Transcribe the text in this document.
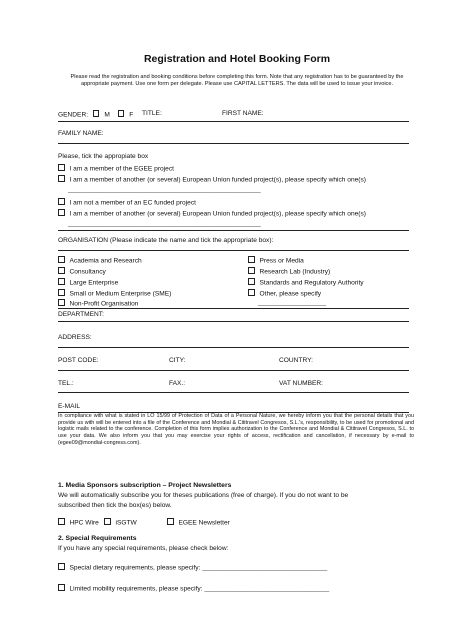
Registration and Hotel Booking Form
Please read the registration and booking conditions before completing this form. Note that any registration has to be guaranteed by the appropriate payment. Use one form per delegate. Please use CAPITAL LETTERS. The data will be used to issue your invoice.
GENDER: M	F TITLE:	FIRST NAME:
FAMILY NAME:
Please, tick the appropiate box
I am a member of the EGEE project
I am a member of another (or several) European Union funded project(s), please specify which one(s)
______________________________________________________
I am not a member of an EC funded project
I am a member of another (or several) European Union funded project(s), please specify which one(s)
______________________________________________________
ORGANISATION (Please indicate the name and tick the appropriate box):
Academia and Research
Consultancy
Large Enterprise
Small or Medium Enterprise (SME)
Non-Profit Organisation
Press or Media
Research Lab (Industry)
Standards and Regulatory Authority
Other, please specify
___________________
DEPARTMENT:
ADDRESS:
POST CODE:	CITY:	COUNTRY:
TEL.:	FAX.:	VAT NUMBER:
E-MAIL
In compliance with what is stated in LO 15/99 of Protection of Data of a Personal Nature, we hereby inform you that the personal details that you provide us with will be entered into a file of the Conference and Mondial & Cititravel Congresos, S.L.'s, responsibility, to be used for promotional and logistic mails related to the conference. Completion of this form implies authorization to the Conference and Mondial & Cititravel Congresos, S.L. to use your data. We also inform you that you may exercise your rights of access, rectification and cancellation, if necessary by e-mail to (egee09@mondial-congress.com).
1. Media Sponsors subscription – Project Newsletters
We will automatically subscribe you for theses publications (free of charge). If you do not want to be
subscribed then tick the box(es) below.
HPC Wire	iSGTW	EGEE Newsletter
2. Special Requirements
If you have any special requirements, please check below:
Special dietary requirements, please specify: ___________________________________
Limited mobility requirements, please specify: ___________________________________
